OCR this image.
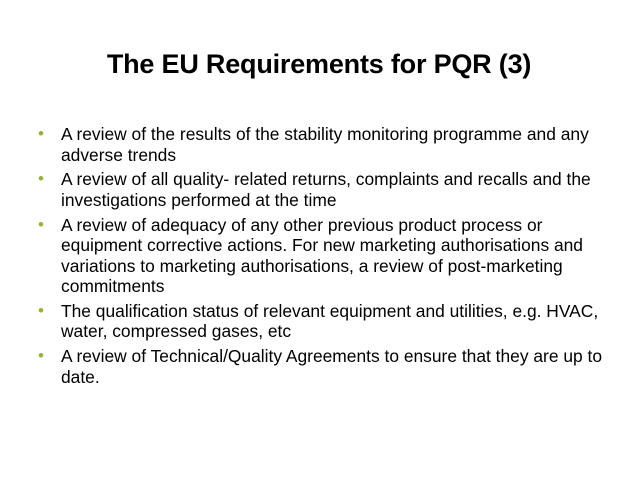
The EU Requirements for PQR (3)
• A review of the results of the stability monitoring programme and any adverse trends
• A review of all quality- related returns, complaints and recalls and the investigations performed at the time
• A review of adequacy of any other previous product process or equipment corrective actions. For new marketing authorisations and variations to marketing authorisations, a review of post-marketing commitments
• The qualification status of relevant equipment and utilities, e.g. HVAC, water, compressed gases, etc
• A review of Technical/Quality Agreements to ensure that they are up to date.
